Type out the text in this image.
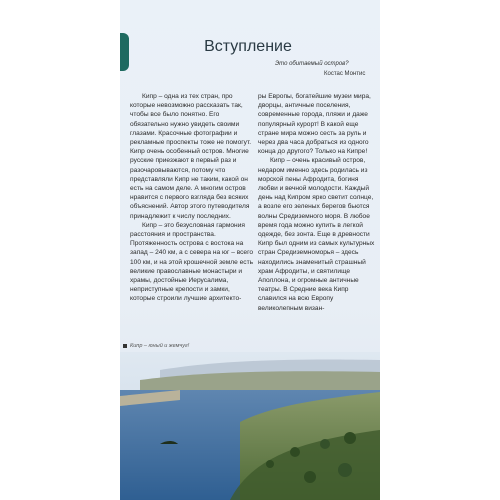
Вступление
Это обитаемый остров?
Костас Монтис

Кипр – одна из тех стран, про которые невозможно рассказать так, чтобы все было понятно. Его обязательно нужно увидеть своими глазами. Красочные фотографии и рекламные проспекты тоже не помогут. Кипр очень особенный остров. Многие русские приезжают в первый раз и разочаровываются, потому что представляли Кипр не таким, какой он есть на самом деле. А многим остров нравится с первого взгляда без всяких объяснений. Автор этого путеводителя принадлежит к числу последних.

Кипр – это безусловная гармония расстояния и пространства. Протяженность острова с востока на запад – 240 км, а с севера на юг – всего 100 км, и на этой крошечной земле есть великие православные монастыри и храмы, достойные Иерусалима, неприступные крепости и замки, которые строили лучшие архитекто-

ры Европы, богатейшие музеи мира, дворцы, античные поселения, современные города, пляжи и даже популярный курорт! В какой еще стране мира можно сесть за руль и через два часа добраться из одного конца до другого? Только на Кипре!

Кипр – очень красивый остров, недаром именно здесь родилась из морской пены Афродита, богиня любви и вечной молодости. Каждый день над Кипром ярко светит солнце, а возле его зеленых берегов бьются волны Средиземного моря. В любое время года можно купить в легкой одежде, без зонта. Еще в древности Кипр был одним из самых культурных стран Средиземноморья – здесь находились знаменитый страшный храм Афродиты, и святилище Аполлона, и огромные античные театры. В Средние века Кипр славился на всю Европу великолепным визан-

Кипр – юный и жемчуг!
